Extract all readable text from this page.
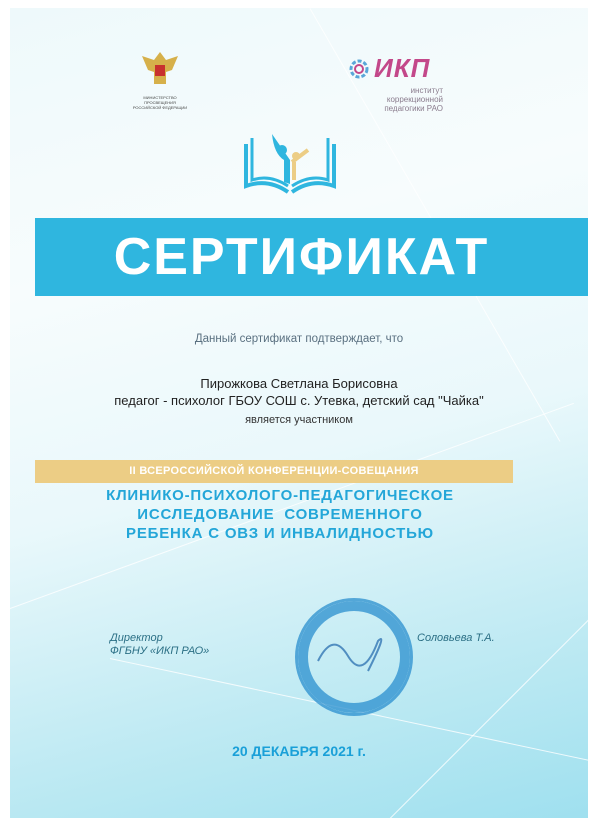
МИНИСТЕРСТВО ПРОСВЕЩЕНИЯ РОССИЙСКОЙ ФЕДЕРАЦИИ
ИКП
институт
коррекционной
педагогики РАО
СЕРТИФИКАТ
Данный сертификат подтверждает, что
Пирожкова Светлана Борисовна
педагог - психолог ГБОУ СОШ с. Утевка, детский сад "Чайка"
является участником
II ВСЕРОССИЙСКОЙ КОНФЕРЕНЦИИ-СОВЕЩАНИЯ
КЛИНИКО-ПСИХОЛОГО-ПЕДАГОГИЧЕСКОЕ
ИССЛЕДОВАНИЕ  СОВРЕМЕННОГО
РЕБЕНКА С ОВЗ И ИНВАЛИДНОСТЬЮ
Директор
ФГБНУ «ИКП РАО»
Соловьева Т.А.
20 ДЕКАБРЯ 2021 г.
